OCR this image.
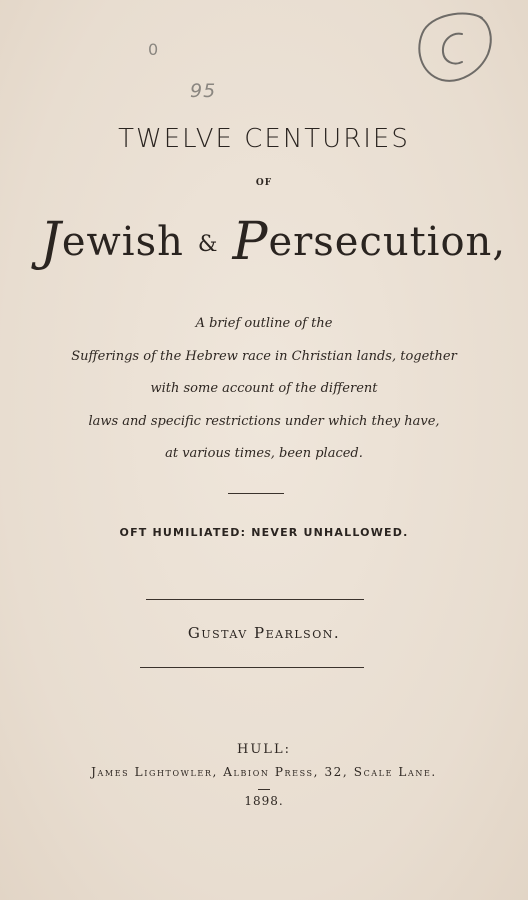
0
95
TWELVE CENTURIES
OF
Jewish & Persecution,
A brief outline of the
Sufferings of the Hebrew race in Christian lands, together
with some account of the different
laws and specific restrictions under which they have,
at various times, been placed.
OFT HUMILIATED: NEVER UNHALLOWED.
Gustav Pearlson.
HULL:
James Lightowler, Albion Press, 32, Scale Lane.
1898.
